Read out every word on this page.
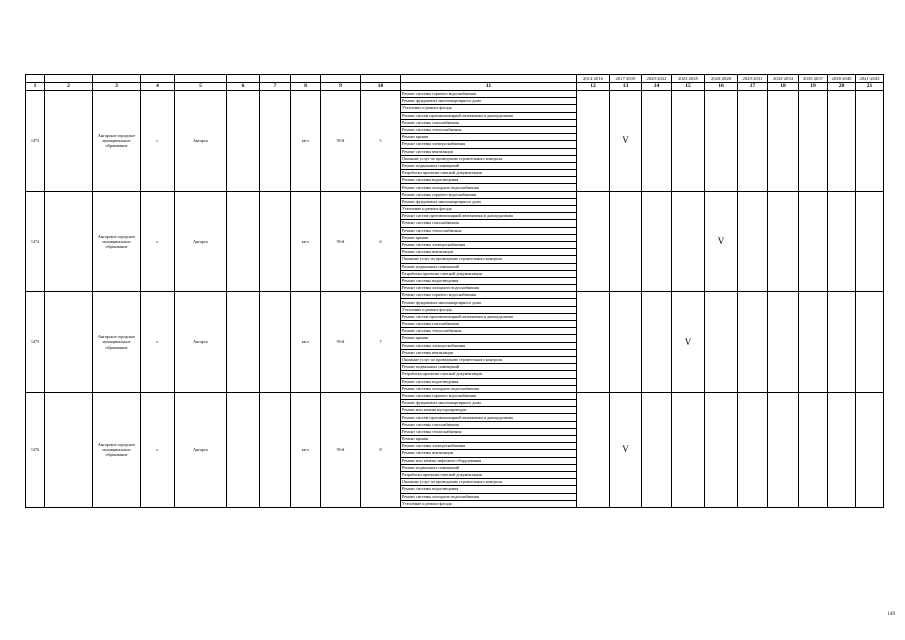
											2014-2016	2017-2019	2020-2022	2023-2025	2026-2028	2029-2031	2032-2034	2035-2037	2038-2040	2041-2043
1	2	3	4	5	6	7	8	9	10	11	12	13	14	15	16	17	18	19	20	21
1473		Ангарское городское муниципальное образование	г.	Ангарск			кв-л	95-й	5	Ремонт системы горячего водоснабжения		V								
										Ремонт фундамента многоквартирного дома										
										Утепление и ремонт фасада										
										Ремонт систем противопожарной автоматики и дымоудаления										
										Ремонт системы газоснабжения										
										Ремонт системы теплоснабжения										
										Ремонт крыши										
										Ремонт системы электроснабжения										
										Ремонт системы вентиляции										
										Оказание услуг по проведению строительного контроля										
										Ремонт подвальных помещений										
										Разработка проектно-сметной документации										
										Ремонт системы водоотведения										
										Ремонт системы холодного водоснабжения										
1474		Ангарское городское муниципальное образование	г.	Ангарск			кв-л	95-й	6	Ремонт системы горячего водоснабжения					V					
										Ремонт фундамента многоквартирного дома										
										Утепление и ремонт фасада										
										Ремонт систем противопожарной автоматики и дымоудаления										
										Ремонт системы газоснабжения										
										Ремонт системы теплоснабжения										
										Ремонт крыши										
										Ремонт системы электроснабжения										
										Ремонт системы вентиляции										
										Оказание услуг по проведению строительного контроля										
										Ремонт подвальных помещений										
										Разработка проектно-сметной документации										
										Ремонт системы водоотведения										
										Ремонт системы холодного водоснабжения										
1475		Ангарское городское муниципальное образование	г.	Ангарск			кв-л	95-й	7	Ремонт системы горячего водоснабжения				V						
										Ремонт фундамента многоквартирного дома										
										Утепление и ремонт фасада										
										Ремонт систем противопожарной автоматики и дымоудаления										
										Ремонт системы газоснабжения										
										Ремонт системы теплоснабжения										
										Ремонт крыши										
										Ремонт системы электроснабжения										
										Ремонт системы вентиляции										
										Оказание услуг по проведению строительного контроля										
										Ремонт подвальных помещений										
										Разработка проектно-сметной документации										
										Ремонт системы водоотведения										
										Ремонт системы холодного водоснабжения										
1476		Ангарское городское муниципальное образование	г.	Ангарск			кв-л	95-й	8	Ремонт системы горячего водоснабжения		V								
										Ремонт фундамента многоквартирного дома										
										Ремонт или замена мусоропроводов										
										Ремонт систем противопожарной автоматики и дымоудаления										
										Ремонт системы газоснабжения										
										Ремонт системы теплоснабжения										
										Ремонт крыши										
										Ремонт системы электроснабжения										
										Ремонт системы вентиляции										
										Ремонт или замена лифтового оборудования										
										Ремонт подвальных помещений										
										Разработка проектно-сметной документации										
										Оказание услуг по проведению строительного контроля										
										Ремонт системы водоотведения										
										Ремонт системы холодного водоснабжения										
										Утепление и ремонт фасада										
149
